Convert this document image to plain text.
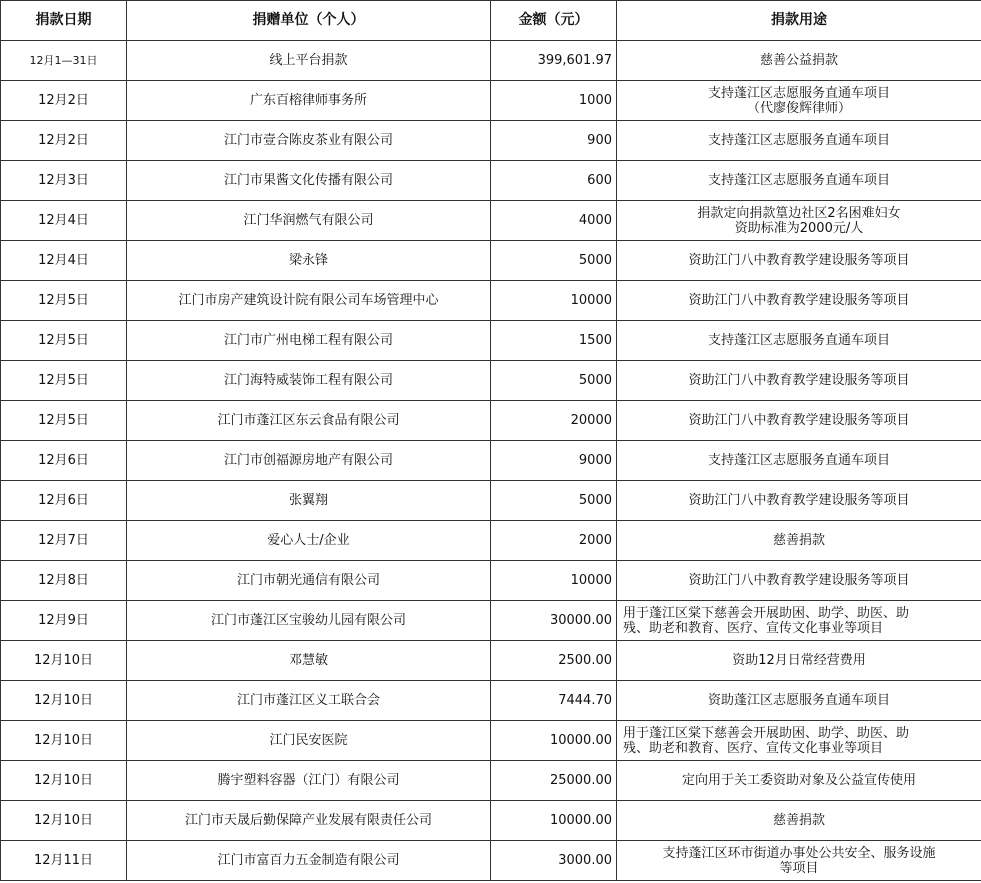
捐款日期	捐赠单位（个人）	金额（元）	捐款用途
12月1—31日	线上平台捐款	399,601.97	慈善公益捐款

12月2日	广东百榕律师事务所	1000	支持蓬江区志愿服务直通车项目
（代廖俊辉律师）

12月2日	江门市壹合陈皮茶业有限公司	900	支持蓬江区志愿服务直通车项目

12月3日	江门市果酱文化传播有限公司	600	支持蓬江区志愿服务直通车项目

12月4日	江门华润燃气有限公司	4000	捐款定向捐款篁边社区2名困难妇女
资助标准为2000元/人

12月4日	梁永锋	5000	资助江门八中教育教学建设服务等项目

12月5日	江门市房产建筑设计院有限公司车场管理中心	10000	资助江门八中教育教学建设服务等项目

12月5日	江门市广州电梯工程有限公司	1500	支持蓬江区志愿服务直通车项目

12月5日	江门海特威装饰工程有限公司	5000	资助江门八中教育教学建设服务等项目

12月5日	江门市蓬江区东云食品有限公司	20000	资助江门八中教育教学建设服务等项目

12月6日	江门市创福源房地产有限公司	9000	支持蓬江区志愿服务直通车项目

12月6日	张翼翔	5000	资助江门八中教育教学建设服务等项目

12月7日	爱心人士/企业	2000	慈善捐款

12月8日	江门市朝光通信有限公司	10000	资助江门八中教育教学建设服务等项目

12月9日	江门市蓬江区宝骏幼儿园有限公司	30000.00	用于蓬江区棠下慈善会开展助困、助学、助医、助
残、助老和教育、医疗、宣传文化事业等项目

12月10日	邓慧敏	2500.00	资助12月日常经营费用

12月10日	江门市蓬江区义工联合会	7444.70	资助蓬江区志愿服务直通车项目

12月10日	江门民安医院	10000.00	用于蓬江区棠下慈善会开展助困、助学、助医、助
残、助老和教育、医疗、宣传文化事业等项目

12月10日	腾宇塑料容器（江门）有限公司	25000.00	定向用于关工委资助对象及公益宣传使用

12月10日	江门市天晟后勤保障产业发展有限责任公司	10000.00	慈善捐款

12月11日	江门市富百力五金制造有限公司	3000.00	支持蓬江区环市街道办事处公共安全、服务设施
等项目
